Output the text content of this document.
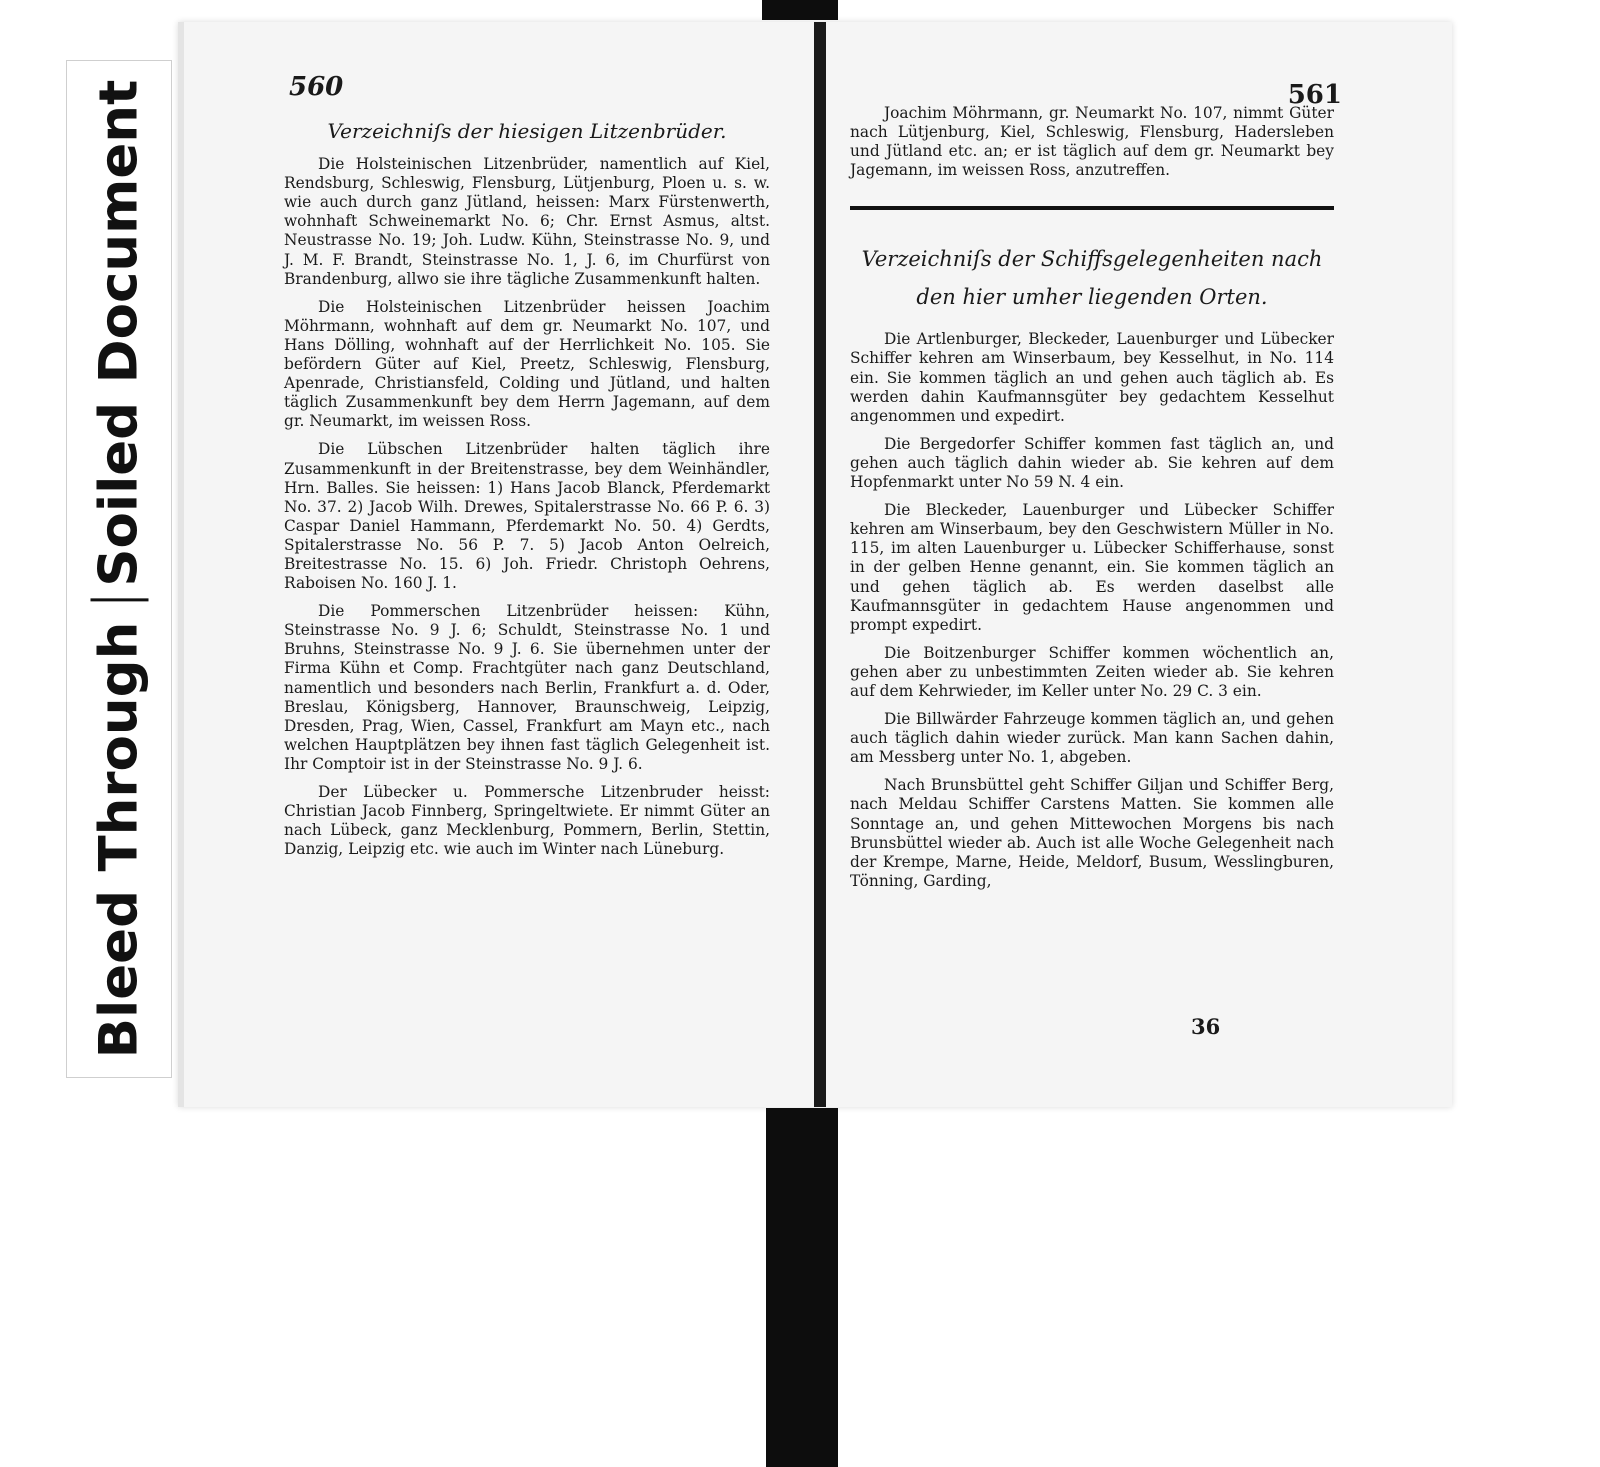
Bleed Through
Soiled Document	560
Verzeichniſs der hiesigen Litzenbrüder.

Die Holsteinischen Litzenbrüder, namentlich auf Kiel, Rendsburg, Schleswig, Flensburg, Lütjenburg, Ploen u. s. w. wie auch durch ganz Jütland, heissen: Marx Fürstenwerth, wohnhaft Schweinemarkt No. 6; Chr. Ernst Asmus, altst. Neustrasse No. 19; Joh. Ludw. Kühn, Steinstrasse No. 9, und J. M. F. Brandt, Steinstrasse No. 1, J. 6, im Churfürst von Brandenburg, allwo sie ihre tägliche Zusammenkunft halten.

Die Holsteinischen Litzenbrüder heissen Joachim Möhrmann, wohnhaft auf dem gr. Neumarkt No. 107, und Hans Dölling, wohnhaft auf der Herrlichkeit No. 105. Sie befördern Güter auf Kiel, Preetz, Schleswig, Flensburg, Apenrade, Christiansfeld, Colding und Jütland, und halten täglich Zusammenkunft bey dem Herrn Jagemann, auf dem gr. Neumarkt, im weissen Ross.

Die Lübschen Litzenbrüder halten täglich ihre Zusammenkunft in der Breitenstrasse, bey dem Weinhändler, Hrn. Balles. Sie heissen: 1) Hans Jacob Blanck, Pferdemarkt No. 37. 2) Jacob Wilh. Drewes, Spitalerstrasse No. 66 P. 6. 3) Caspar Daniel Hammann, Pferdemarkt No. 50. 4) Gerdts, Spitalerstrasse No. 56 P. 7. 5) Jacob Anton Oelreich, Breitestrasse No. 15. 6) Joh. Friedr. Christoph Oehrens, Raboisen No. 160 J. 1.

Die Pommerschen Litzenbrüder heissen: Kühn, Steinstrasse No. 9 J. 6; Schuldt, Steinstrasse No. 1 und Bruhns, Steinstrasse No. 9 J. 6. Sie übernehmen unter der Firma Kühn et Comp. Frachtgüter nach ganz Deutschland, namentlich und besonders nach Berlin, Frankfurt a. d. Oder, Breslau, Königsberg, Hannover, Braunschweig, Leipzig, Dresden, Prag, Wien, Cassel, Frankfurt am Mayn etc., nach welchen Hauptplätzen bey ihnen fast täglich Gelegenheit ist. Ihr Comptoir ist in der Steinstrasse No. 9 J. 6.

Der Lübecker u. Pommersche Litzenbruder heisst: Christian Jacob Finnberg, Springeltwiete. Er nimmt Güter an nach Lübeck, ganz Mecklenburg, Pommern, Berlin, Stettin, Danzig, Leipzig etc. wie auch im Winter nach Lüneburg.

561

Joachim Möhrmann, gr. Neumarkt No. 107, nimmt Güter nach Lütjenburg, Kiel, Schleswig, Flensburg, Hadersleben und Jütland etc. an; er ist täglich auf dem gr. Neumarkt bey Jagemann, im weissen Ross, anzutreffen.

Verzeichniſs der Schiffsgelegenheiten nach den hier umher liegenden Orten.

Die Artlenburger, Bleckeder, Lauenburger und Lübecker Schiffer kehren am Winserbaum, bey Kesselhut, in No. 114 ein. Sie kommen täglich an und gehen auch täglich ab. Es werden dahin Kaufmannsgüter bey gedachtem Kesselhut angenommen und expedirt.

Die Bergedorfer Schiffer kommen fast täglich an, und gehen auch täglich dahin wieder ab. Sie kehren auf dem Hopfenmarkt unter No 59 N. 4 ein.

Die Bleckeder, Lauenburger und Lübecker Schiffer kehren am Winserbaum, bey den Geschwistern Müller in No. 115, im alten Lauenburger u. Lübecker Schifferhause, sonst in der gelben Henne genannt, ein. Sie kommen täglich an und gehen täglich ab. Es werden daselbst alle Kaufmannsgüter in gedachtem Hause angenommen und prompt expedirt.

Die Boitzenburger Schiffer kommen wöchentlich an, gehen aber zu unbestimmten Zeiten wieder ab. Sie kehren auf dem Kehrwieder, im Keller unter No. 29 C. 3 ein.

Die Billwärder Fahrzeuge kommen täglich an, und gehen auch täglich dahin wieder zurück. Man kann Sachen dahin, am Messberg unter No. 1, abgeben.

Nach Brunsbüttel geht Schiffer Giljan und Schiffer Berg, nach Meldau Schiffer Carstens Matten. Sie kommen alle Sonntage an, und gehen Mittewochen Morgens bis nach Brunsbüttel wieder ab. Auch ist alle Woche Gelegenheit nach der Krempe, Marne, Heide, Meldorf, Busum, Wesslingburen, Tönning, Garding,

36
